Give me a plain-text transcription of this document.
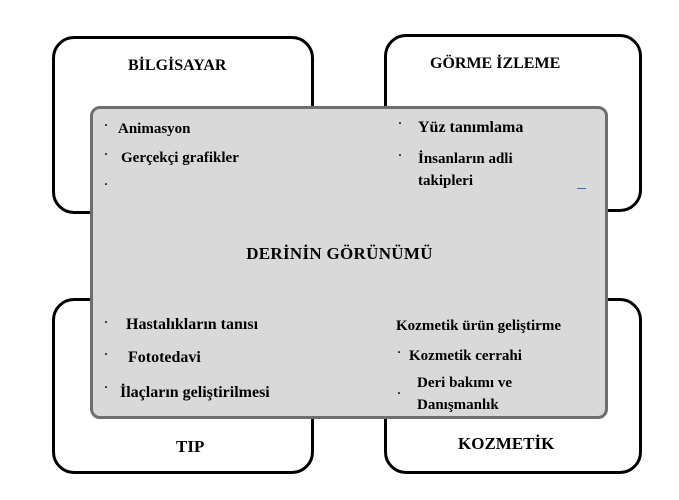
DERİNİN GÖRÜNÜMÜ
BİLGİSAYAR	GÖRME İZLEME
TIP	KOZMETİK
· Animasyon
· Gerçekçi grafikler
·
· Yüz tanımlama
· İnsanların adli
takipleri
· Hastalıkların tanısı
· Fototedavi
· İlaçların geliştirilmesi
Kozmetik ürün geliştirme
· Kozmetik cerrahi
Deri bakımı ve
·
Danışmanlık
